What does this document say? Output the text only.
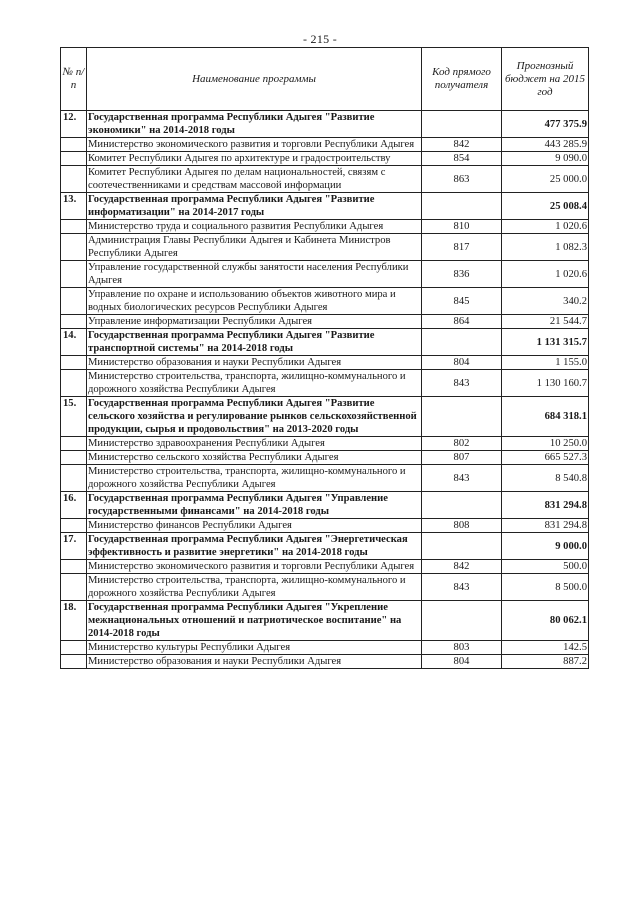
- 215 -
№ п/п	Наименование программы	Код прямого получателя	Прогнозный бюджет на 2015 год
12.	Государственная программа Республики Адыгея "Развитие экономики" на 2014-2018 годы		477 375.9
	Министерство экономического развития и торговли Республики Адыгея	842	443 285.9
	Комитет Республики Адыгея по архитектуре и градостроительству	854	9 090.0
	Комитет Республики Адыгея по делам национальностей, связям с соотечественниками и средствам массовой информации	863	25 000.0
13.	Государственная программа Республики Адыгея "Развитие информатизации" на 2014-2017 годы		25 008.4
	Министерство труда и социального развития Республики Адыгея	810	1 020.6
	Администрация Главы Республики Адыгея и Кабинета Министров Республики Адыгея	817	1 082.3
	Управление государственной службы занятости населения Республики Адыгея	836	1 020.6
	Управление по охране и использованию объектов животного мира и водных биологических ресурсов Республики Адыгея	845	340.2
	Управление информатизации Республики Адыгея	864	21 544.7
14.	Государственная программа Республики Адыгея "Развитие транспортной системы" на 2014-2018 годы		1 131 315.7
	Министерство образования и науки Республики Адыгея	804	1 155.0
	Министерство строительства, транспорта, жилищно-коммунального и дорожного хозяйства Республики Адыгея	843	1 130 160.7
15.	Государственная программа Республики Адыгея "Развитие сельского хозяйства и регулирование рынков сельскохозяйственной продукции, сырья и продовольствия" на 2013-2020 годы		684 318.1
	Министерство здравоохранения Республики Адыгея	802	10 250.0
	Министерство сельского хозяйства Республики Адыгея	807	665 527.3
	Министерство строительства, транспорта, жилищно-коммунального и дорожного хозяйства Республики Адыгея	843	8 540.8
16.	Государственная программа Республики Адыгея "Управление государственными финансами" на 2014-2018 годы		831 294.8
	Министерство финансов Республики Адыгея	808	831 294.8
17.	Государственная программа Республики Адыгея "Энергетическая эффективность и развитие энергетики" на 2014-2018 годы		9 000.0
	Министерство экономического развития и торговли Республики Адыгея	842	500.0
	Министерство строительства, транспорта, жилищно-коммунального и дорожного хозяйства Республики Адыгея	843	8 500.0
18.	Государственная программа Республики Адыгея "Укрепление межнациональных отношений и патриотическое воспитание" на 2014-2018 годы		80 062.1
	Министерство культуры Республики Адыгея	803	142.5
	Министерство образования и науки Республики Адыгея	804	887.2
